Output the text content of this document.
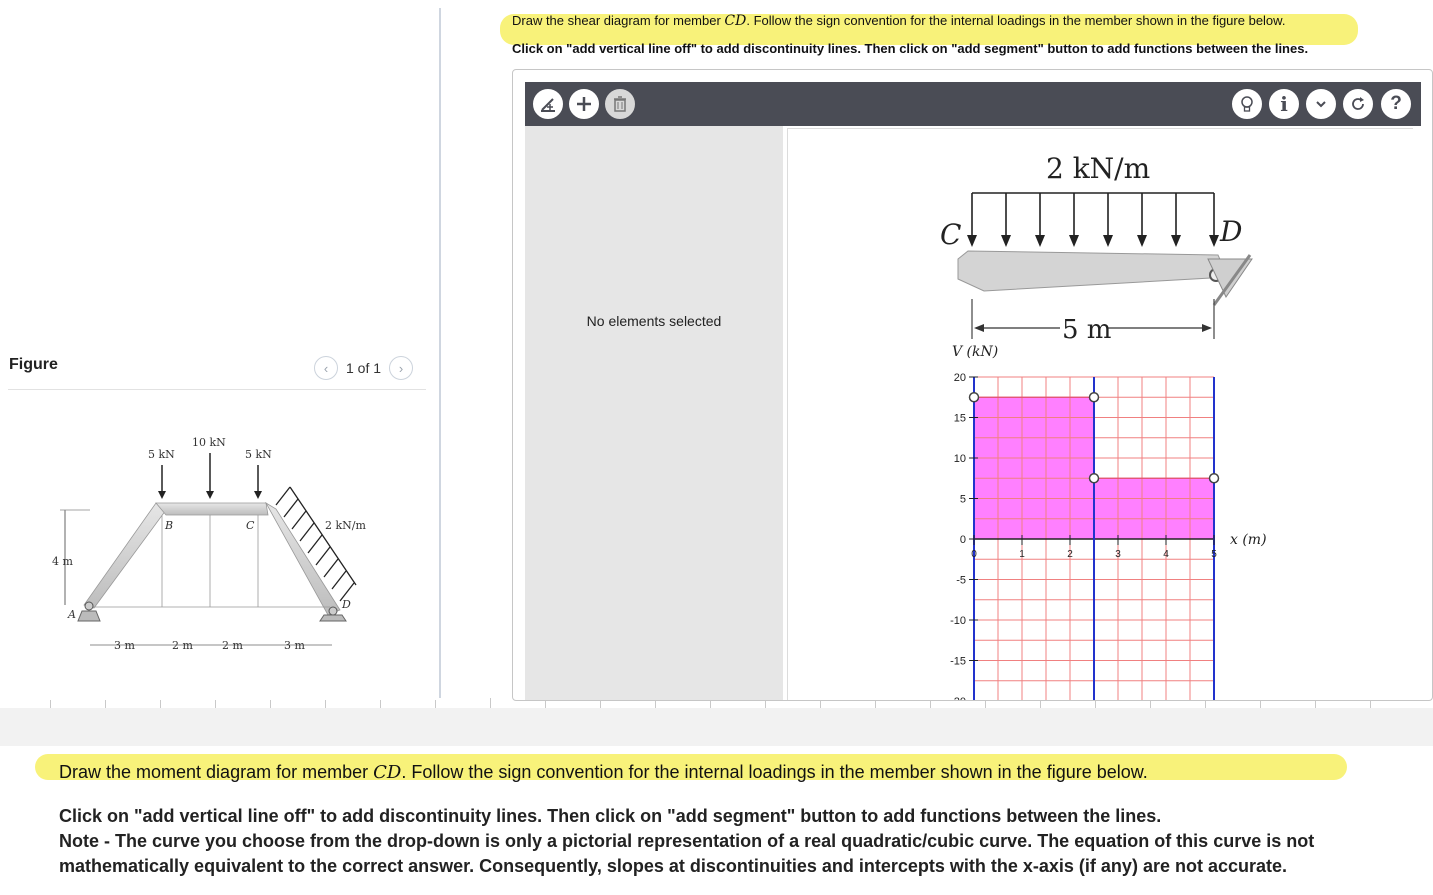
Figure	‹	1 of 1	›
4 m
5 kN
10 kN
5 kN
2 kN/m
B	C
A
D
3 m	2 m	2 m	3 m
Draw the shear diagram for member CD. Follow the sign convention for the internal loadings in the member shown in the figure below.
Click on "add vertical line off" to add discontinuity lines. Then click on "add segment" button to add functions between the lines.
i	?
No elements selected
2 kN/m
C	D
5 m
20
15
10
5
0
-5
-10
-15
-20
0	1	2	3	4	5
V (kN)
x (m)
Draw the moment diagram for member CD. Follow the sign convention for the internal loadings in the member shown in the figure below.
Click on "add vertical line off" to add discontinuity lines. Then click on "add segment" button to add functions between the lines.
Note - The curve you choose from the drop-down is only a pictorial representation of a real quadratic/cubic curve. The equation of this curve is not mathematically equivalent to the correct answer. Consequently, slopes at discontinuities and intercepts with the x-axis (if any) are not accurate.
